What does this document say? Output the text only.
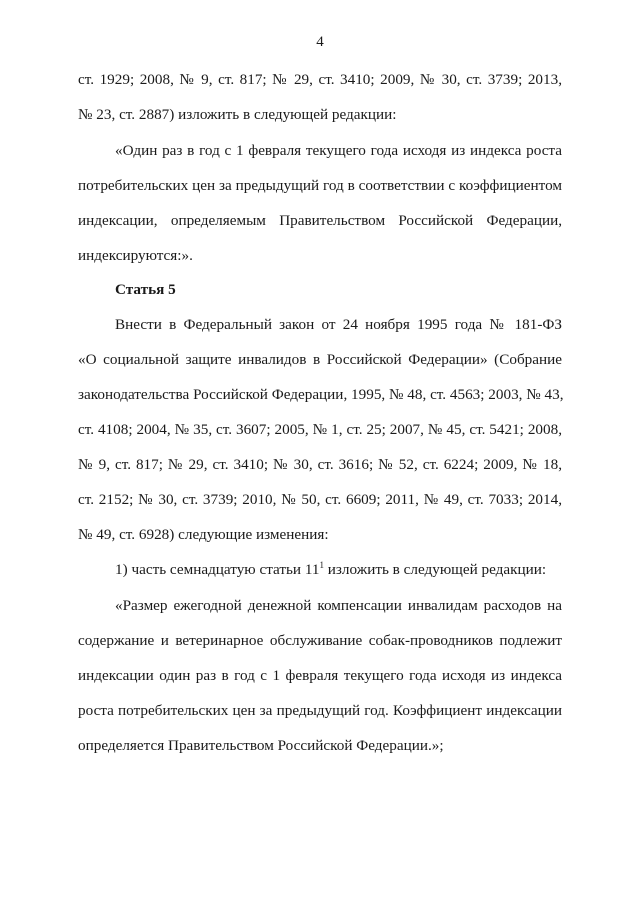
4
ст. 1929; 2008, № 9, ст. 817; № 29, ст. 3410; 2009, № 30, ст. 3739; 2013,
№ 23, ст. 2887) изложить в следующей редакции:
«Один раз в год с 1 февраля текущего года исходя из индекса роста
потребительских цен за предыдущий год в соответствии с коэффициентом
индексации, определяемым Правительством Российской Федерации,
индексируются:».
Статья 5
Внести в Федеральный закон от 24 ноября 1995 года № 181-ФЗ
«О социальной защите инвалидов в Российской Федерации» (Собрание
законодательства Российской Федерации, 1995, № 48, ст. 4563; 2003, № 43,
ст. 4108; 2004, № 35, ст. 3607; 2005, № 1, ст. 25; 2007, № 45, ст. 5421; 2008,
№ 9, ст. 817; № 29, ст. 3410; № 30, ст. 3616; № 52, ст. 6224; 2009, № 18,
ст. 2152; № 30, ст. 3739; 2010, № 50, ст. 6609; 2011, № 49, ст. 7033; 2014,
№ 49, ст. 6928) следующие изменения:
1) часть семнадцатую статьи $11^1$ изложить в следующей редакции:
«Размер ежегодной денежной компенсации инвалидам расходов на
содержание и ветеринарное обслуживание собак-проводников подлежит
индексации один раз в год с 1 февраля текущего года исходя из индекса
роста потребительских цен за предыдущий год. Коэффициент индексации
определяется Правительством Российской Федерации.»;
